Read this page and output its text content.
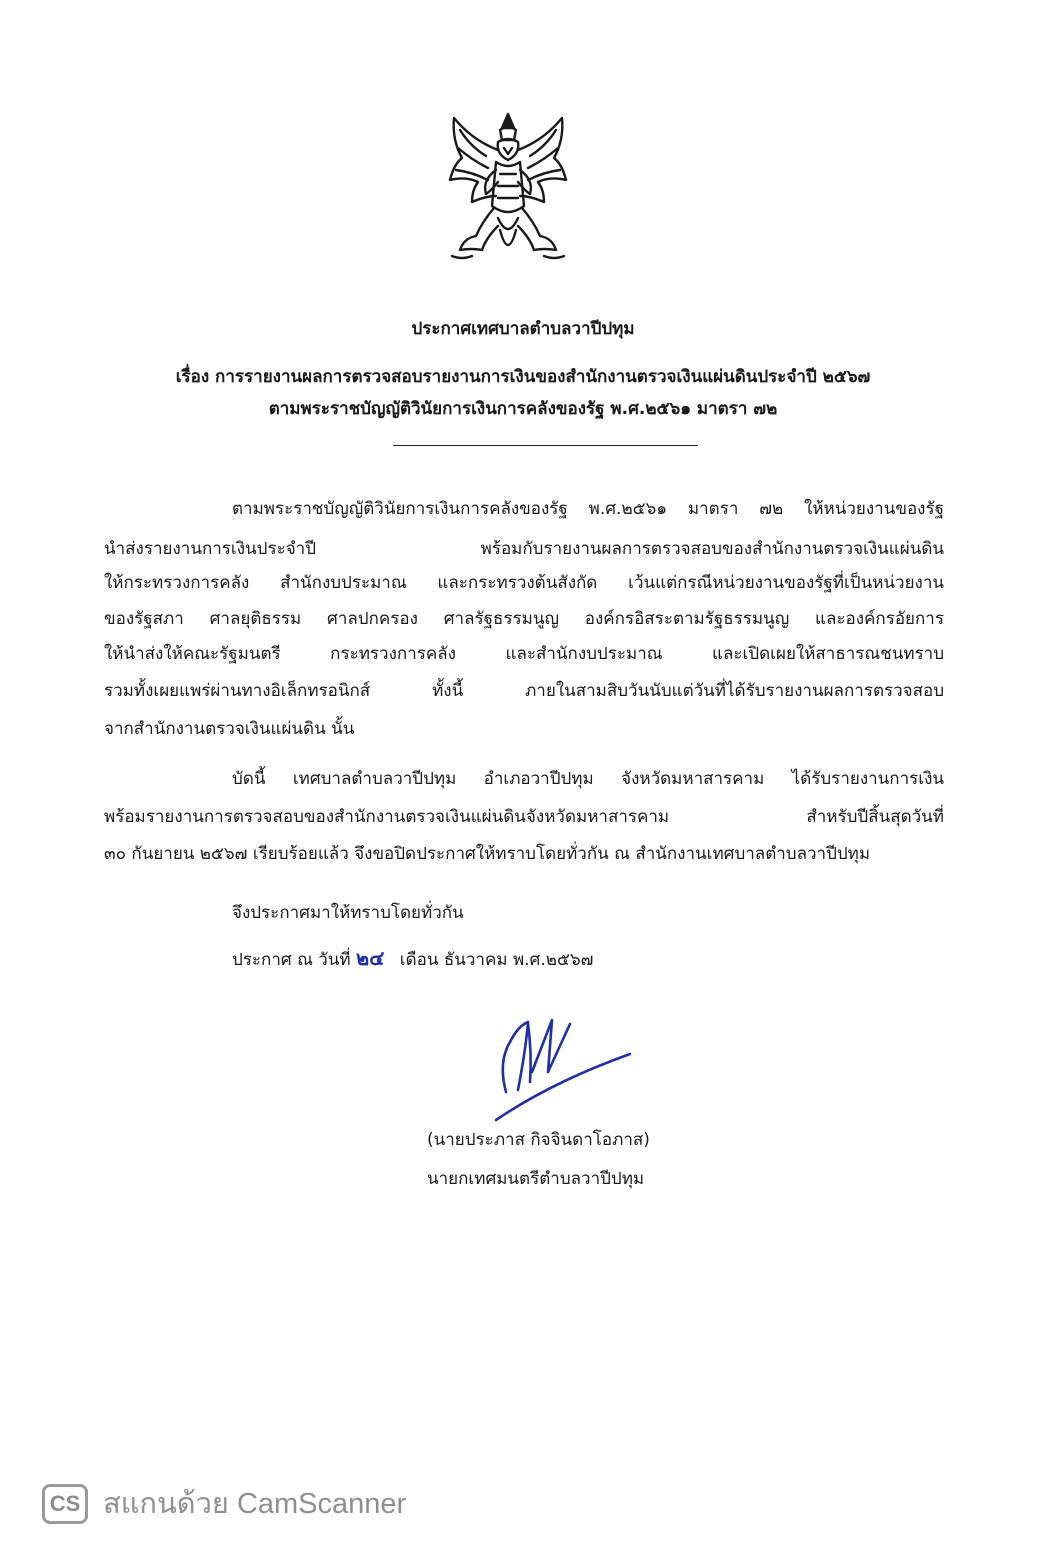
ประกาศเทศบาลตำบลวาปีปทุม
เรื่อง การรายงานผลการตรวจสอบรายงานการเงินของสำนักงานตรวจเงินแผ่นดินประจำปี ๒๕๖๗
ตามพระราชบัญญัติวินัยการเงินการคลังของรัฐ พ.ศ.๒๕๖๑ มาตรา ๗๒
ตามพระราชบัญญัติวินัยการเงินการคลังของรัฐ พ.ศ.๒๕๖๑ มาตรา ๗๒ ให้หน่วยงานของรัฐ
นำส่งรายงานการเงินประจำปี พร้อมกับรายงานผลการตรวจสอบของสำนักงานตรวจเงินแผ่นดิน
ให้กระทรวงการคลัง สำนักงบประมาณ และกระทรวงต้นสังกัด เว้นแต่กรณีหน่วยงานของรัฐที่เป็นหน่วยงาน
ของรัฐสภา ศาลยุติธรรม ศาลปกครอง ศาลรัฐธรรมนูญ องค์กรอิสระตามรัฐธรรมนูญ และองค์กรอัยการ
ให้นำส่งให้คณะรัฐมนตรี กระทรวงการคลัง และสำนักงบประมาณ และเปิดเผยให้สาธารณชนทราบ
รวมทั้งเผยแพร่ผ่านทางอิเล็กทรอนิกส์ ทั้งนี้ ภายในสามสิบวันนับแต่วันที่ได้รับรายงานผลการตรวจสอบ
จากสำนักงานตรวจเงินแผ่นดิน นั้น
บัดนี้ เทศบาลตำบลวาปีปทุม อำเภอวาปีปทุม จังหวัดมหาสารคาม ได้รับรายงานการเงิน
พร้อมรายงานการตรวจสอบของสำนักงานตรวจเงินแผ่นดินจังหวัดมหาสารคาม สำหรับปีสิ้นสุดวันที่
๓๐ กันยายน ๒๕๖๗ เรียบร้อยแล้ว จึงขอปิดประกาศให้ทราบโดยทั่วกัน ณ สำนักงานเทศบาลตำบลวาปีปทุม
จึงประกาศมาให้ทราบโดยทั่วกัน
ประกาศ ณ วันที่ ๒๔ เดือน ธันวาคม พ.ศ.๒๕๖๗
(นายประภาส กิจจินดาโอภาส)
นายกเทศมนตรีตำบลวาปีปทุม
CS สแกนด้วย CamScanner
